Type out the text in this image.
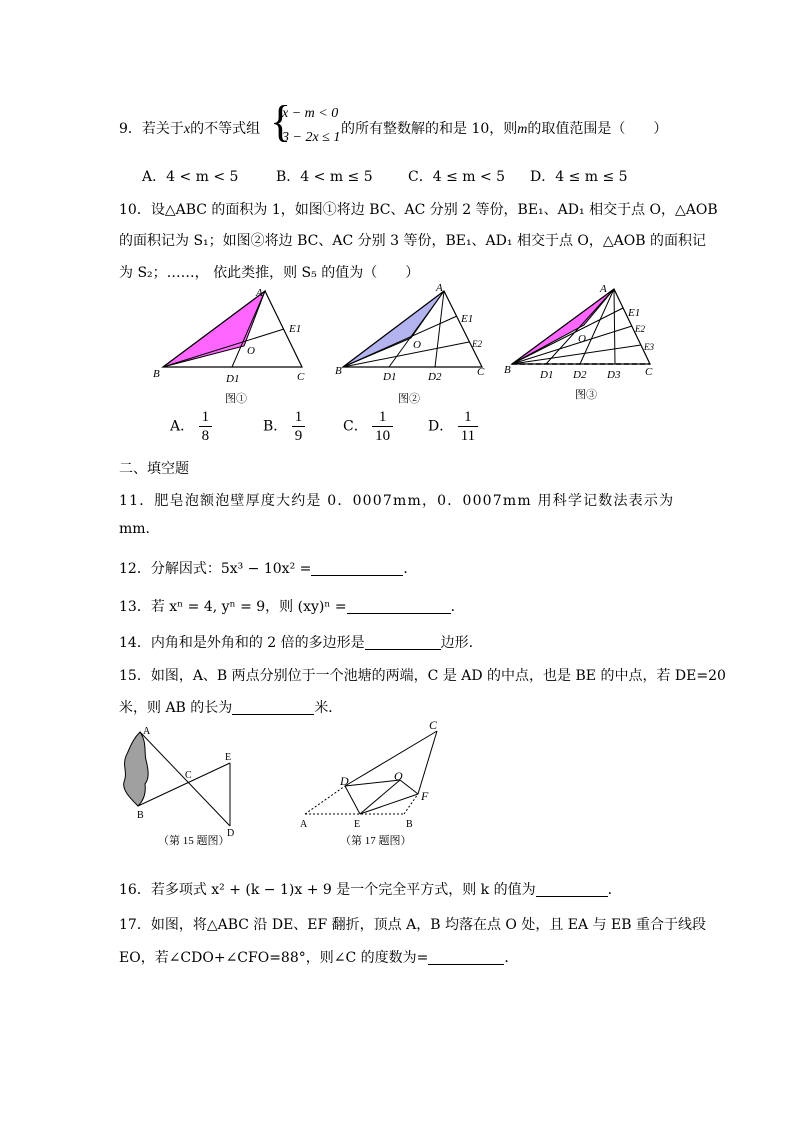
9．若关于x的不等式组 {
x − m < 0
3 − 2x ≤ 1
的所有整数解的和是 10，则m的取值范围是（　　）
A．4 < m < 5	B．4 < m ≤ 5	C．4 ≤ m < 5 D．4 ≤ m ≤ 5
10．设△ABC 的面积为 1，如图①将边 BC、AC 分别 2 等份，BE₁、AD₁ 相交于点 O，△AOB
的面积记为 S₁；如图②将边 BC、AC 分别 3 等份，BE₁、AD₁ 相交于点 O，△AOB 的面积记
为 S₂；……， 依此类推，则 S₅ 的值为（　　）
A
B	C
O
E1
D1
图①
A
B	C
O
E1
E2
D1	D2
图②
A
B	C
O
E1
E2
E3
D1 D2 D3
图③
A． $\frac{1}{8}$	B． $\frac{1}{9}$	C． $\frac{1}{10}$ D． $\frac{1}{11}$
二、填空题
11．肥皂泡额泡壁厚度大约是 0．0007mm，0．0007mm 用科学记数法表示为
mm.
12．分解因式：5x³ − 10x² =	．
13．若 xⁿ = 4, yⁿ = 9，则 (xy)ⁿ =	．
14．内角和是外角和的 2 倍的多边形是	边形.
15．如图，A、B 两点分别位于一个池塘的两端，C 是 AD 的中点，也是 BE 的中点，若 DE=20
米，则 AB 的长为	米．
A
B
C
D
E
（第 15 题图）
C
D	O
F
A	E	B
（第 17 题图）
16．若多项式 x² + (k − 1)x + 9 是一个完全平方式，则 k 的值为	．
17．如图，将△ABC 沿 DE、EF 翻折，顶点 A，B 均落在点 O 处，且 EA 与 EB 重合于线段
EO，若∠CDO+∠CFO=88°，则∠C 的度数为=	．
